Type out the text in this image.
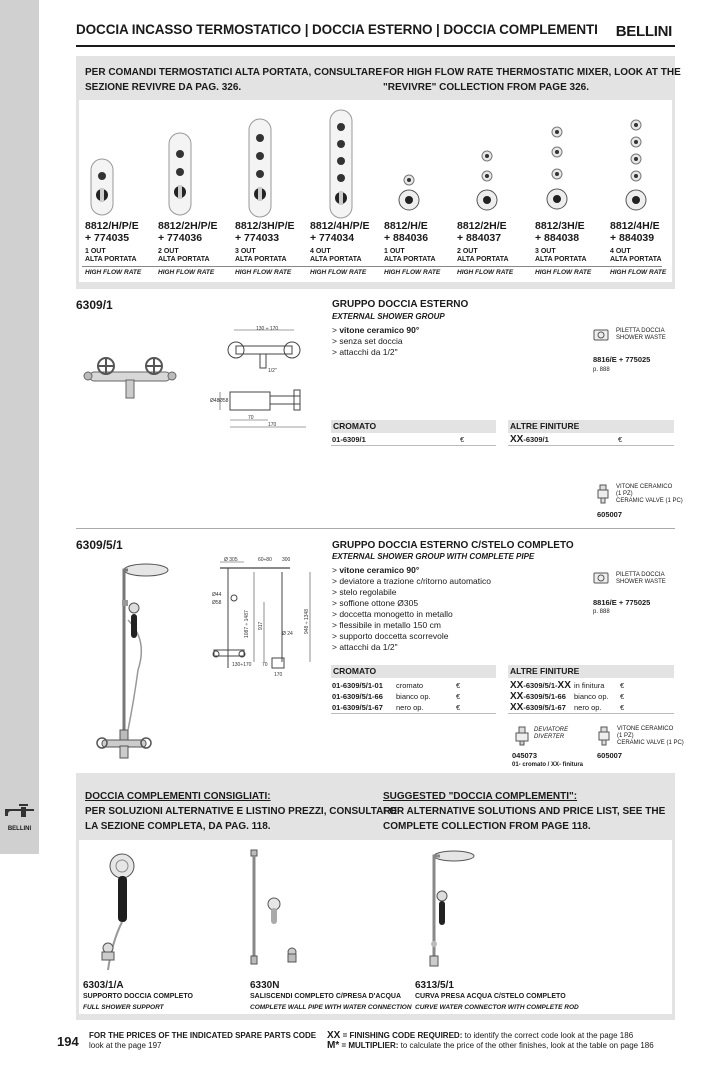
BELLINI
DOCCIA INCASSO TERMOSTATICO | DOCCIA ESTERNO | DOCCIA COMPLEMENTI BELLINI
PER COMANDI TERMOSTATICI ALTA PORTATA, CONSULTARE
SEZIONE REVIVRE DA PAG. 326.
FOR HIGH FLOW RATE THERMOSTATIC MIXER, LOOK AT THE
"REVIVRE" COLLECTION FROM PAGE 326.
8812/H/P/E
+ 774035
1 OUT
ALTA PORTATA
HIGH FLOW RATE
8812/2H/P/E
+ 774036
2 OUT
ALTA PORTATA
HIGH FLOW RATE
8812/3H/P/E
+ 774033
3 OUT
ALTA PORTATA
HIGH FLOW RATE
8812/4H/P/E
+ 774034
4 OUT
ALTA PORTATA
HIGH FLOW RATE
8812/H/E
+ 884036
1 OUT
ALTA PORTATA
HIGH FLOW RATE
8812/2H/E
+ 884037
2 OUT
ALTA PORTATA
HIGH FLOW RATE
8812/3H/E
+ 884038
3 OUT
ALTA PORTATA
HIGH FLOW RATE
8812/4H/E
+ 884039
4 OUT
ALTA PORTATA
HIGH FLOW RATE
6309/1
130 ÷ 170
1/2"
Ø48 Ø58
70
170
GRUPPO DOCCIA ESTERNO
EXTERNAL SHOWER GROUP
> vitone ceramico 90°
> senza set doccia
> attacchi da 1/2"
PILETTA DOCCIA
SHOWER WASTE
8816/E + 775025
p. 888
CROMATO	ALTRE FINITURE
01-6309/1	€	XX-6309/1	€
VITONE CERAMICO
(1 PZ)
CERAMIC VALVE (1 PC)
605007
6309/5/1
Ø 305	60÷80 300
Ø44
Ø58
1087 ÷ 1487 917	948 ÷ 1348
Ø 24
130÷170 70
170
GRUPPO DOCCIA ESTERNO C/STELO COMPLETO
EXTERNAL SHOWER GROUP WITH COMPLETE PIPE
> vitone ceramico 90°
> deviatore a trazione c/ritorno automatico
> stelo regolabile
> soffione ottone Ø305
> doccetta monogetto in metallo
> flessibile in metallo 150 cm
> supporto doccetta scorrevole
> attacchi da 1/2"
PILETTA DOCCIA
SHOWER WASTE
8816/E + 775025
p. 888
CROMATO	ALTRE FINITURE
01-6309/5/1-01 cromato	€
01-6309/5/1-66 bianco op.	€
01-6309/5/1-67 nero op.	€
XX-6309/5/1-XX in finitura €
XX-6309/5/1-66 bianco op. €
XX-6309/5/1-67 nero op. €
DEVIATORE
DIVERTER
045073
01- cromato / XX- finitura
VITONE CERAMICO
(1 PZ)
CERAMIC VALVE (1 PC)
605007
DOCCIA COMPLEMENTI CONSIGLIATI:
PER SOLUZIONI ALTERNATIVE E LISTINO PREZZI, CONSULTARE
LA SEZIONE COMPLETA, DA PAG. 118.
SUGGESTED "DOCCIA COMPLEMENTI":
FOR ALTERNATIVE SOLUTIONS AND PRICE LIST, SEE THE
COMPLETE COLLECTION FROM PAGE 118.
6303/1/A
SUPPORTO DOCCIA COMPLETO
FULL SHOWER SUPPORT
6330N
SALISCENDI COMPLETO C/PRESA D'ACQUA
COMPLETE WALL PIPE WITH WATER CONNECTION
6313/5/1
CURVA PRESA ACQUA C/STELO COMPLETO
CURVE WATER CONNECTOR WITH COMPLETE ROD
194 FOR THE PRICES OF THE INDICATED SPARE PARTS CODE
look at the page 197
XX = FINISHING CODE REQUIRED: to identify the correct code look at the page 186
M* = MULTIPLIER: to calculate the price of the other finishes, look at the table on page 186
